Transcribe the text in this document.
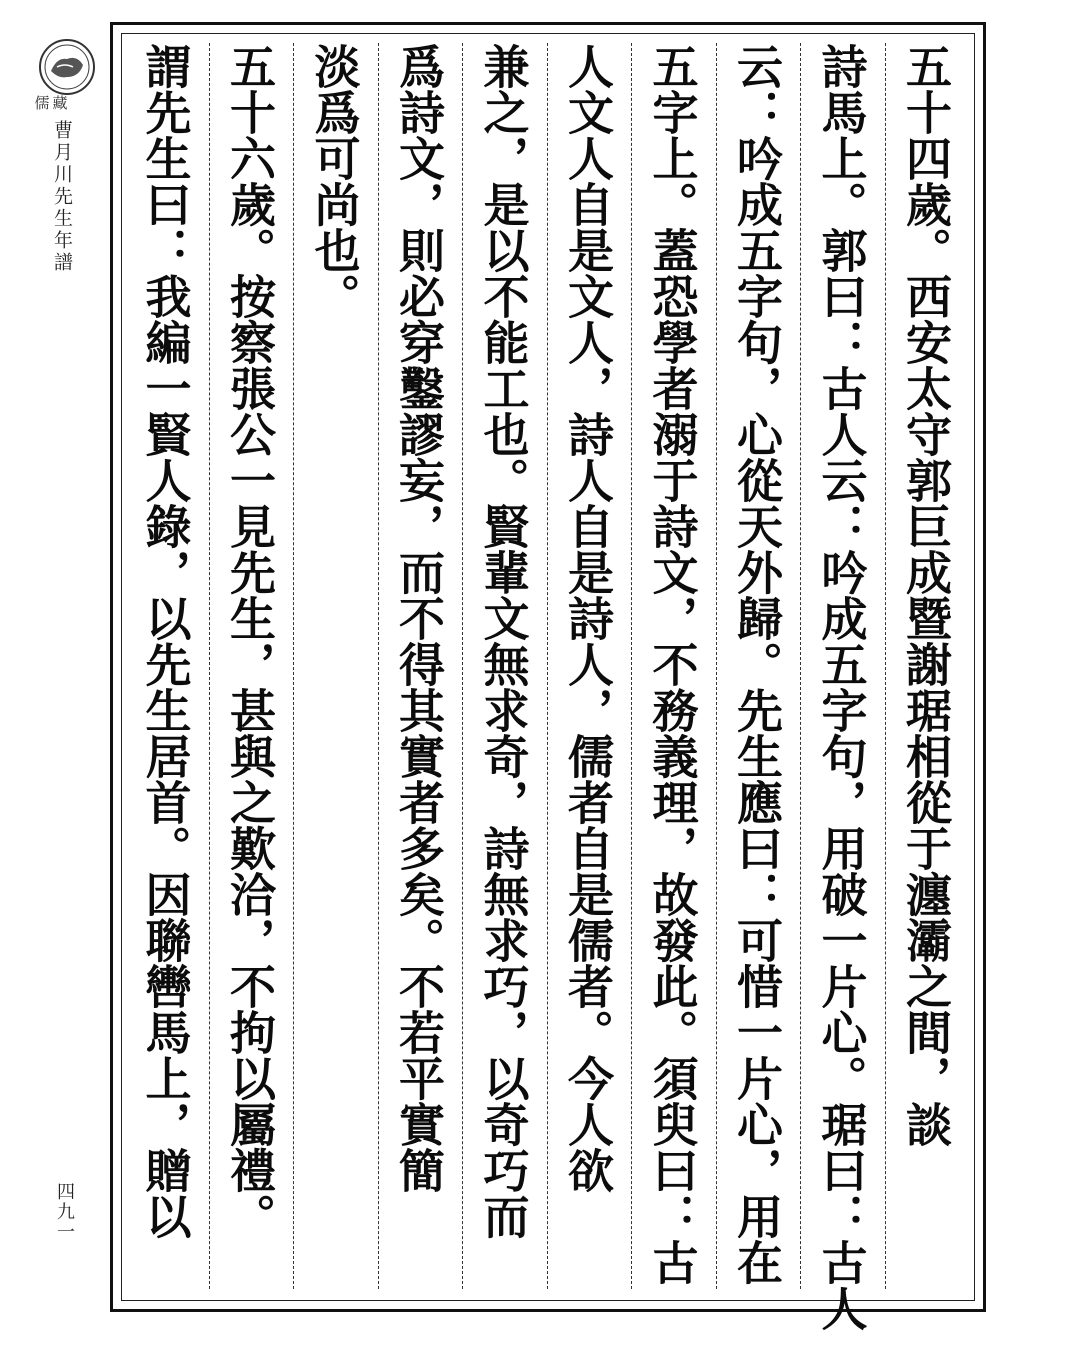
儒藏
曹月川先生年譜
四九一
五十四歲。西安太守郭巨成暨謝琚相從于瀍灞之間，談
詩馬上。郭曰：古人云：吟成五字句，用破一片心。琚曰：古人
云：吟成五字句，心從天外歸。先生應曰：可惜一片心，用在
五字上。蓋恐學者溺于詩文，不務義理，故發此。須臾曰：古
人文人自是文人，詩人自是詩人，儒者自是儒者。今人欲
兼之，是以不能工也。賢輩文無求奇，詩無求巧，以奇巧而
爲詩文，則必穿鑿謬妄，而不得其實者多矣。不若平實簡
淡爲可尚也。
五十六歲。按察張公一見先生，甚與之歎洽，不拘以屬禮。
謂先生曰：我編一賢人錄，以先生居首。因聯轡馬上，贈以
